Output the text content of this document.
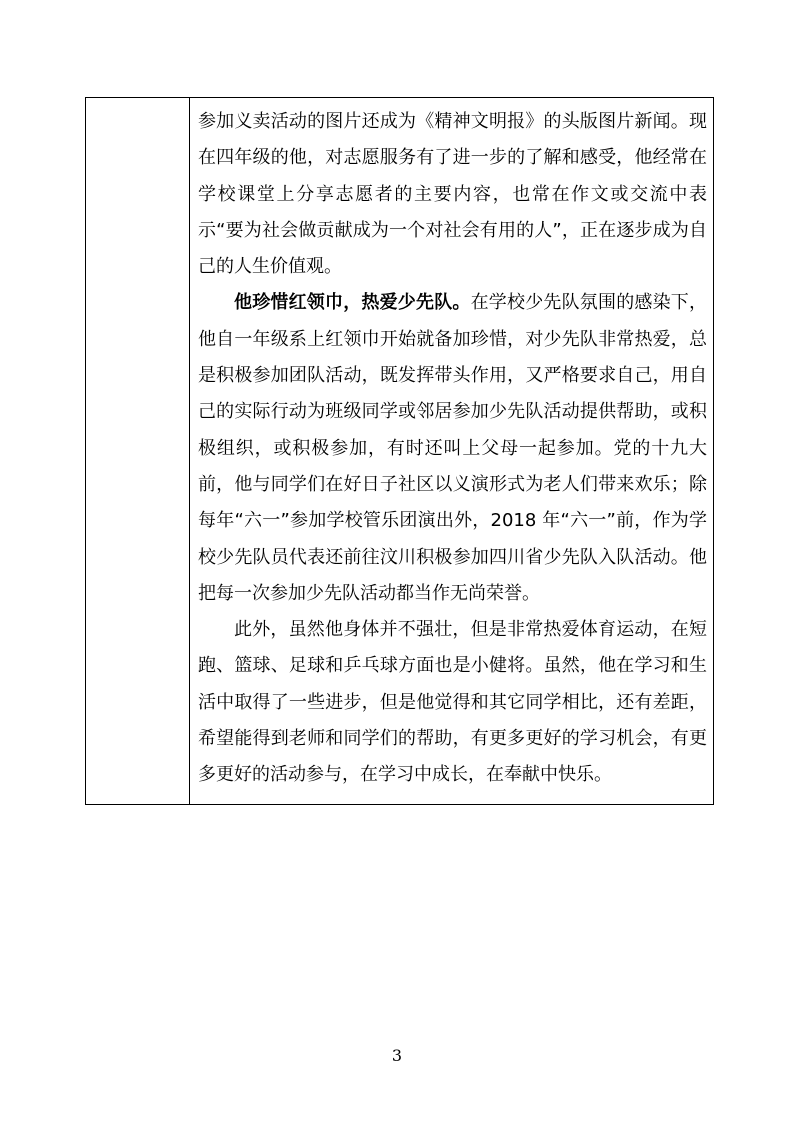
参加义卖活动的图片还成为《精神文明报》的头版图片新闻。现在四年级的他，对志愿服务有了进一步的了解和感受，他经常在学校课堂上分享志愿者的主要内容，也常在作文或交流中表示“要为社会做贡献成为一个对社会有用的人”，正在逐步成为自己的人生价值观。

他珍惜红领巾，热爱少先队。在学校少先队氛围的感染下，他自一年级系上红领巾开始就备加珍惜，对少先队非常热爱，总是积极参加团队活动，既发挥带头作用，又严格要求自己，用自己的实际行动为班级同学或邻居参加少先队活动提供帮助，或积极组织，或积极参加，有时还叫上父母一起参加。党的十九大前，他与同学们在好日子社区以义演形式为老人们带来欢乐；除每年“六一”参加学校管乐团演出外，2018 年“六一”前，作为学校少先队员代表还前往汶川积极参加四川省少先队入队活动。他把每一次参加少先队活动都当作无尚荣誉。

此外，虽然他身体并不强壮，但是非常热爱体育运动，在短跑、篮球、足球和乒乓球方面也是小健将。虽然，他在学习和生活中取得了一些进步，但是他觉得和其它同学相比，还有差距，希望能得到老师和同学们的帮助，有更多更好的学习机会，有更多更好的活动参与，在学习中成长，在奉献中快乐。

3
